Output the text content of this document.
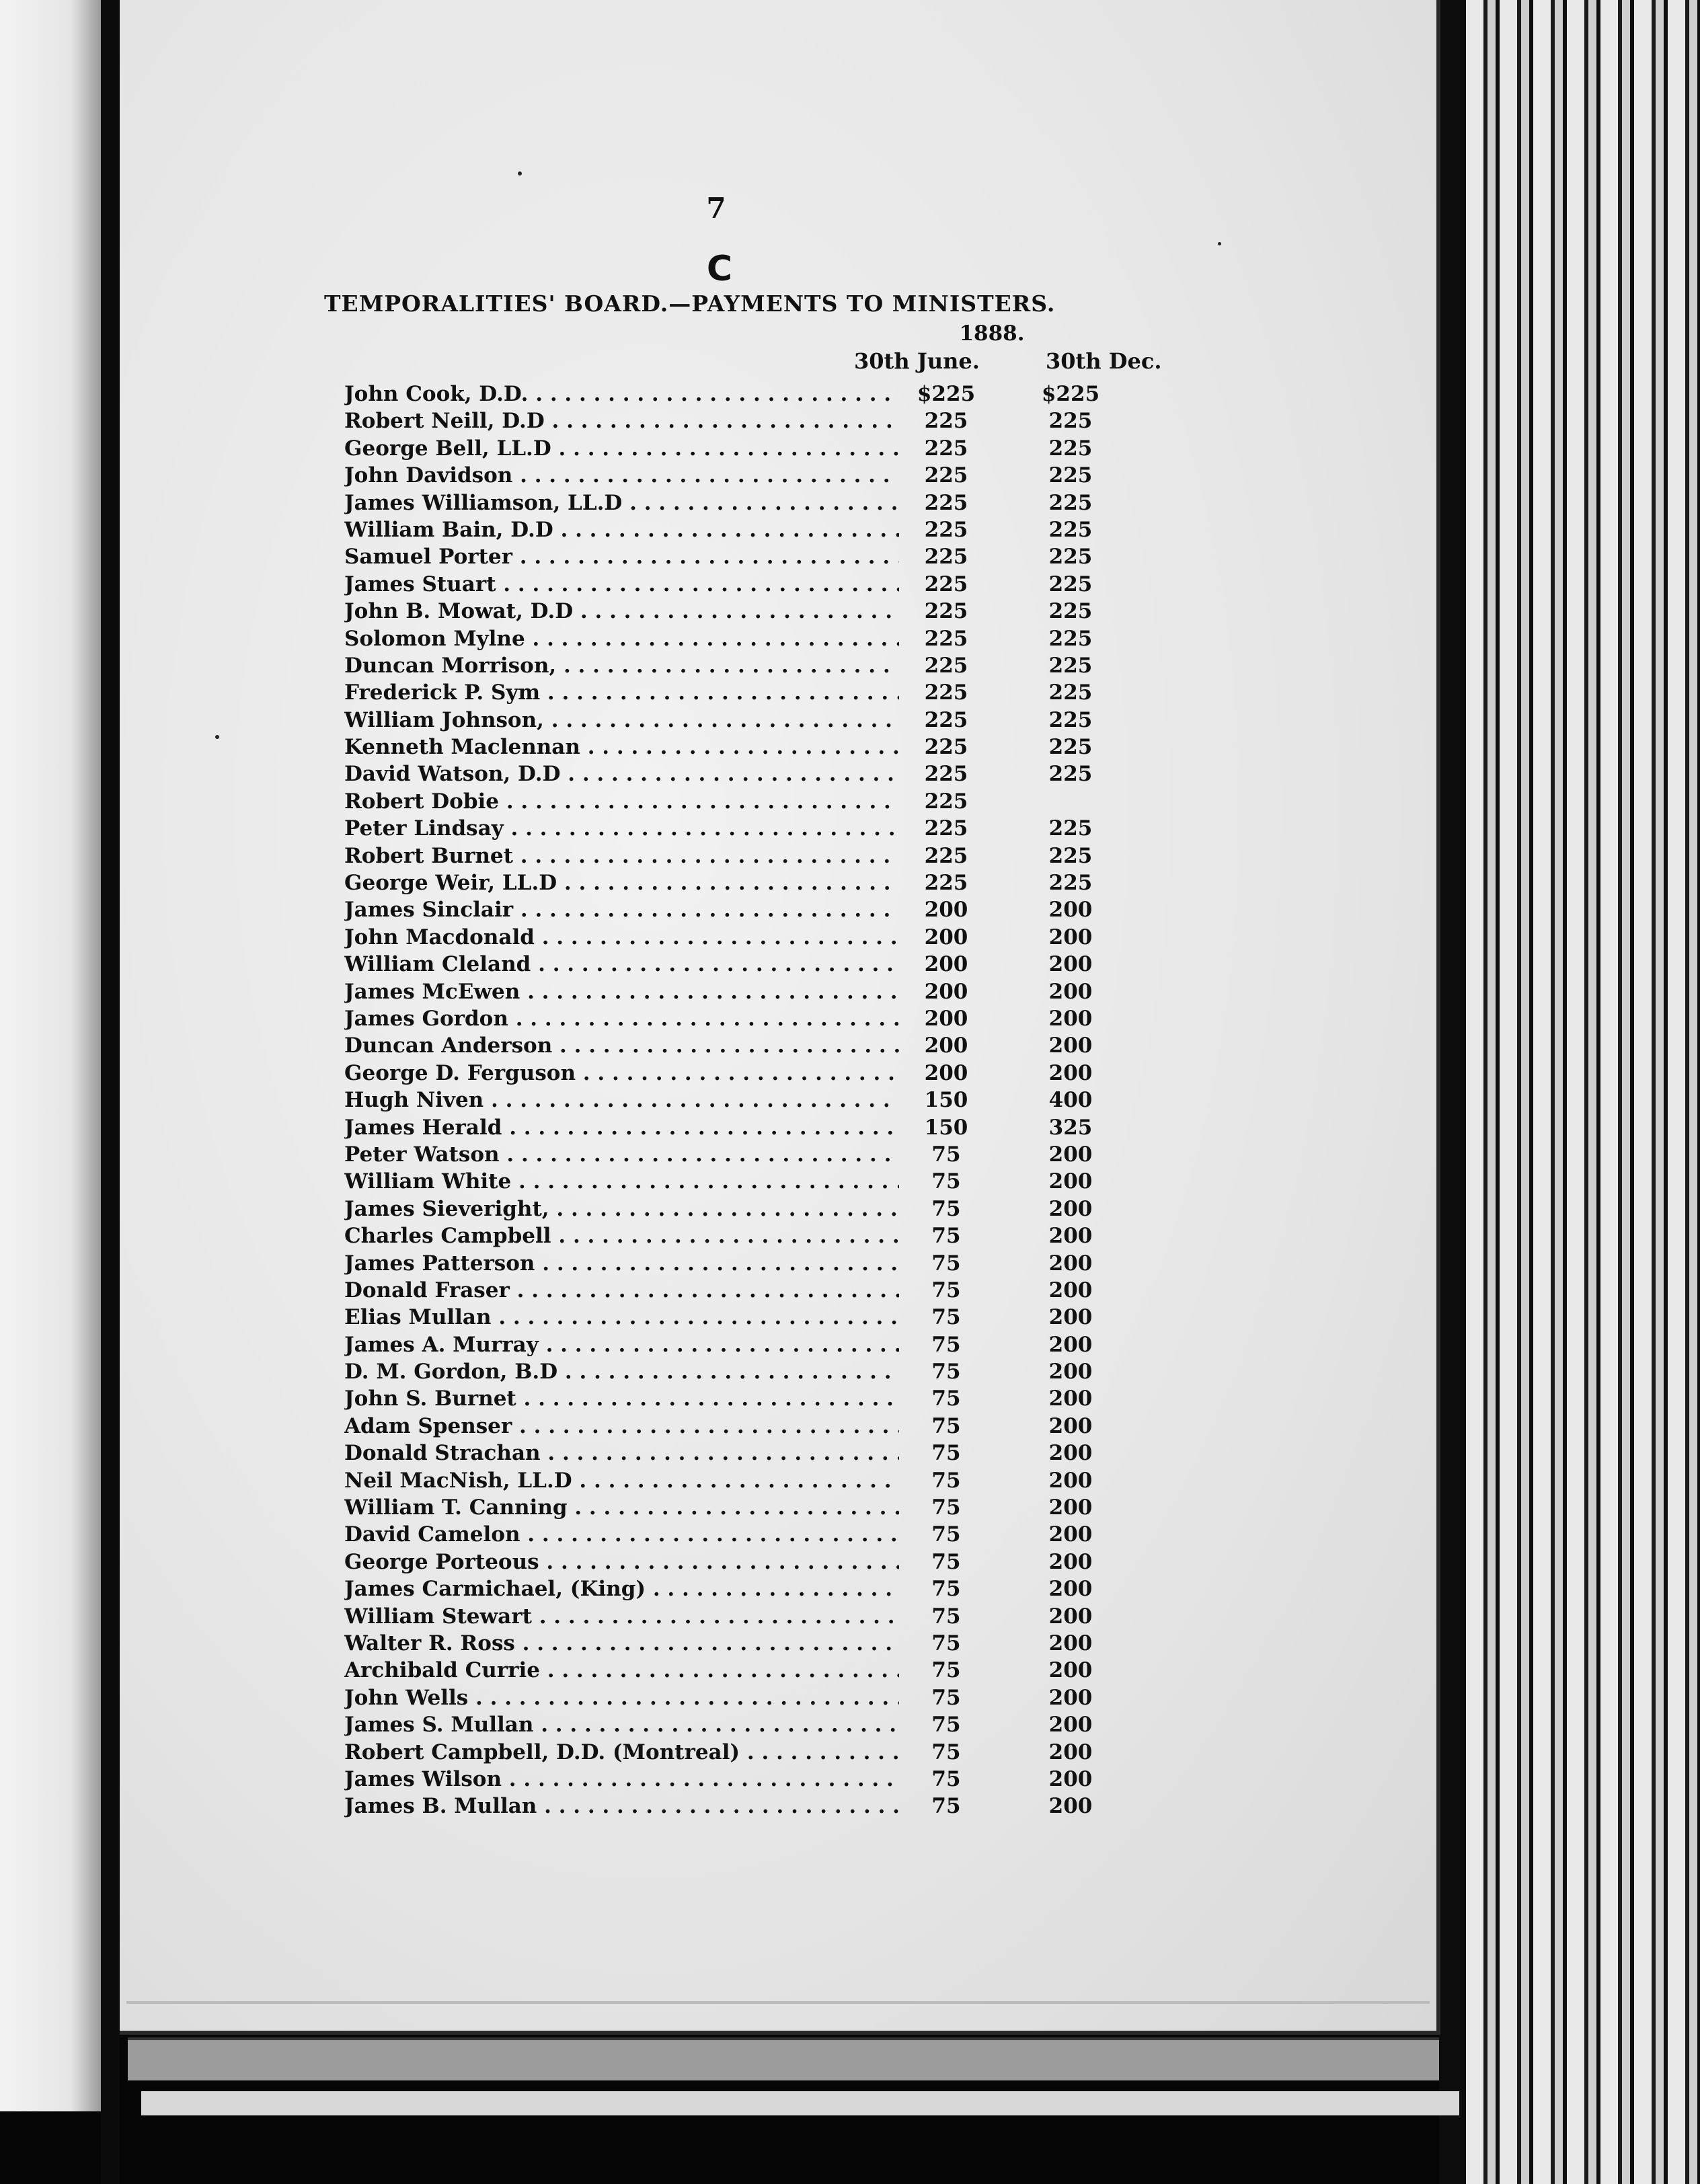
7
C
TEMPORALITIES' BOARD.—PAYMENTS TO MINISTERS.
1888.
30th June.	30th Dec.
John Cook, D.D. . . .	$225	$225
Robert Neill, D.D . . .	225	225
George Bell, LL.D . . .	225	225
John Davidson . . .	225	225
James Williamson, LL.D . . .	225	225
William Bain, D.D . . .	225	225
Samuel Porter . . .	225	225
James Stuart . . .	225	225
John B. Mowat, D.D . . .	225	225
Solomon Mylne . . .	225	225
Duncan Morrison, . . .	225	225
Frederick P. Sym . . .	225	225
William Johnson, . . .	225	225
Kenneth Maclennan . . .	225	225
David Watson, D.D . . .	225	225
Robert Dobie . . .	225
Peter Lindsay . . .	225	225
Robert Burnet . . .	225	225
George Weir, LL.D . . .	225	225
James Sinclair . . .	200	200
John Macdonald . . .	200	200
William Cleland . . .	200	200
James McEwen . . .	200	200
James Gordon . . .	200	200
Duncan Anderson . . .	200	200
George D. Ferguson . . .	200	200
Hugh Niven . . .	150	400
James Herald . . .	150	325
Peter Watson . . .	75	200
William White . . .	75	200
James Sieveright, . . .	75	200
Charles Campbell . . .	75	200
James Patterson . . .	75	200
Donald Fraser . . .	75	200
Elias Mullan . . .	75	200
James A. Murray . . .	75	200
D. M. Gordon, B.D . . .	75	200
John S. Burnet . . .	75	200
Adam Spenser . . .	75	200
Donald Strachan . . .	75	200
Neil MacNish, LL.D . . .	75	200
William T. Canning . . .	75	200
David Camelon . . .	75	200
George Porteous . . .	75	200
James Carmichael, (King) . . .	75	200
William Stewart . . .	75	200
Walter R. Ross . . .	75	200
Archibald Currie . . .	75	200
John Wells . . .	75	200
James S. Mullan . . .	75	200
Robert Campbell, D.D. (Montreal) . . .	75	200
James Wilson . . .	75	200
James B. Mullan . . .	75	200
